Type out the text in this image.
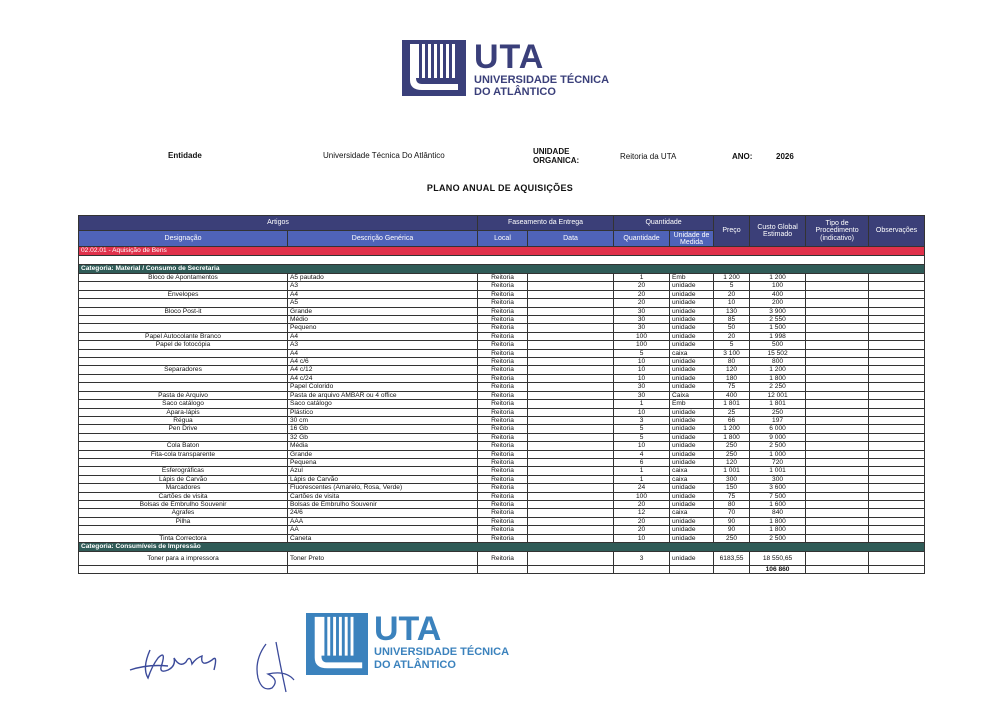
UTA
UNIVERSIDADE TÉCNICA
DO ATLÂNTICO
Entidade	Universidade Técnica Do Atlântico	UNIDADE
ORGANICA:	Reitoria da UTA	ANO:	2026
PLANO ANUAL DE AQUISIÇÕES
Artigos		Faseamento da Entrega		Quantidade		Preço	Custo Global Estimado	Tipo de Procedimento (indicativo)	Observações
Designação	Descrição Genérica	Local	Data	Quantidade	Unidade de Medida				
02.02.01 - Aquisição de Bens									

Categoria: Material / Consumo de Secretaria									
Bloco de Apontamentos	A5 pautado	Reitoria		1	Emb	1 200	1 200		
	A3	Reitoria		20	unidade	5	100		
Envelopes	A4	Reitoria		20	unidade	20	400		
	A5	Reitoria		20	unidade	10	200		
Bloco Post-it	Grande	Reitoria		30	unidade	130	3 900		
	Médio	Reitoria		30	unidade	85	2 550		
	Pequeno	Reitoria		30	unidade	50	1 500		
Papel Autocolante Branco	A4	Reitoria		100	unidade	20	1 998		
Papel de fotocópia	A3	Reitoria		100	unidade	5	500		
	A4	Reitoria		5	caixa	3 100	15 502		
	A4 c/6	Reitoria		10	unidade	80	800		
Separadores	A4 c/12	Reitoria		10	unidade	120	1 200		
	A4 c/24	Reitoria		10	unidade	180	1 800		
	Papel Colorido	Reitoria		30	unidade	75	2 250		
Pasta de Arquivo	Pasta de arquivo AMBAR ou 4 office	Reitoria		30	Caixa	400	12 001		
Saco catálogo	Saco catálogo	Reitoria		1	Emb	1 801	1 801		
Apara-lápis	Plástico	Reitoria		10	unidade	25	250		
Régua	30 cm	Reitoria		3	unidade	66	197		
Pen Drive	16 Gb	Reitoria		5	unidade	1 200	6 000		
	32 Gb	Reitoria		5	unidade	1 800	9 000		
Cola Baton	Média	Reitoria		10	unidade	250	2 500		
Fita-cola transparente	Grande	Reitoria		4	unidade	250	1 000		
	Pequena	Reitoria		6	unidade	120	720		
Esferográficas	Azul	Reitoria		1	caixa	1 001	1 001		
Lápis de Carvão	Lápis de Carvão	Reitoria		1	caixa	300	300		
Marcadores	Fluorescentes (Amarelo, Rosa, Verde)	Reitoria		24	unidade	150	3 600		
Cartões de visita	Cartões de visita	Reitoria		100	unidade	75	7 500		
Bolsas de Embrulho Souvenir	Bolsas de Embrulho Souvenir	Reitoria		20	unidade	80	1 600		
Agrafes	24/6	Reitoria		12	caixa	70	840		
Pilha	AAA	Reitoria		20	unidade	90	1 800		
	AA	Reitoria		20	unidade	90	1 800		
Tinta Correctora	Caneta	Reitoria		10	unidade	250	2 500		
Categoria: Consumíveis de Impressão									
Toner para a impressora	Toner Preto	Reitoria		3	unidade	6183,55	18 550,65		
							106 860		
UTA
UNIVERSIDADE TÉCNICA
DO ATLÂNTICO
